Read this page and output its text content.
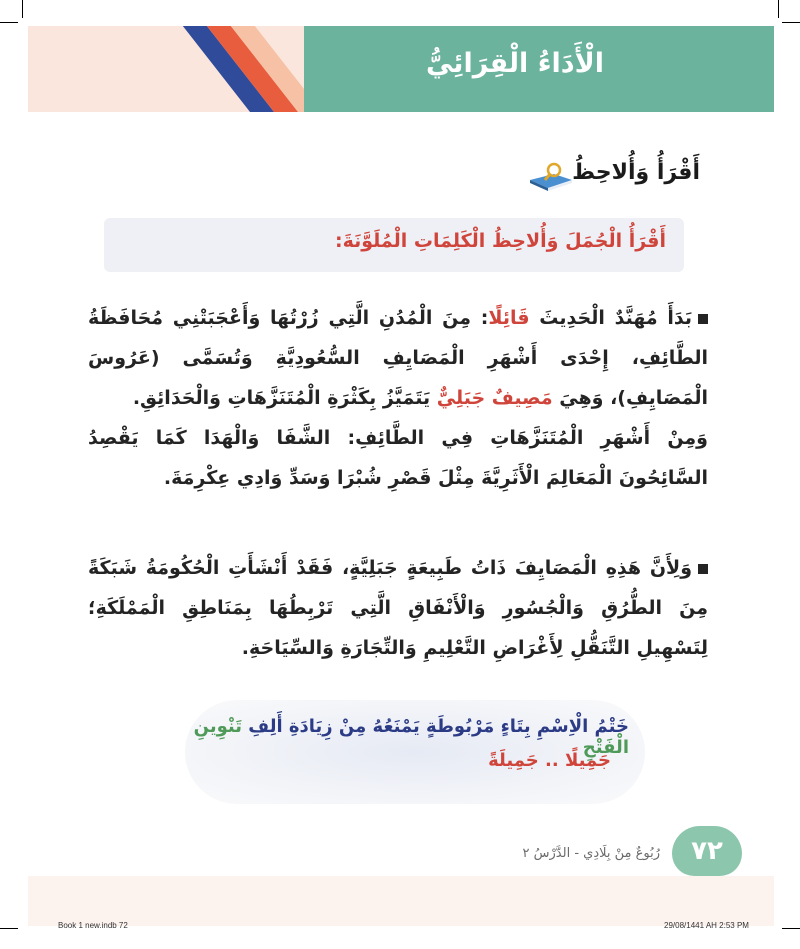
الْأَدَاءُ الْقِرَائِيُّ
أَقْرَأُ وَأُلاحِظُ
أَقْرَأُ الْجُمَلَ وَأُلاحِظُ الْكَلِمَاتِ الْمُلَوَّنَةَ:
بَدَأَ مُهَنَّدٌ الْحَدِيثَ قَائِلًا: مِنَ الْمُدُنِ الَّتِي زُرْتُهَا وَأَعْجَبَتْنِي مُحَافَظَةُ الطَّائِفِ، إِحْدَى أَشْهَرِ الْمَصَايِفِ السُّعُودِيَّةِ وَتُسَمَّى (عَرُوسَ الْمَصَايِفِ)، وَهِيَ مَصِيفٌ جَبَلِيٌّ يَتَمَيَّزُ بِكَثْرَةِ الْمُتَنَزَّهَاتِ وَالْحَدَائِقِ.
وَمِنْ أَشْهَرِ الْمُتَنَزَّهَاتِ فِي الطَّائِفِ: الشَّفَا وَالْهَدَا كَمَا يَقْصِدُ السَّائِحُونَ الْمَعَالِمَ الْأَثَرِيَّةَ مِثْلَ قَصْرِ شُبْرَا وَسَدِّ وَادِي عِكْرِمَةَ.
وَلِأَنَّ هَذِهِ الْمَصَايِفَ ذَاتُ طَبِيعَةٍ جَبَلِيَّةٍ، فَقَدْ أَنْشَأَتِ الْحُكُومَةُ شَبَكَةً مِنَ الطُّرُقِ وَالْجُسُورِ وَالْأَنْفَاقِ الَّتِي تَرْبِطُهَا بِمَنَاطِقِ الْمَمْلَكَةِ؛ لِتَسْهِيلِ التَّنَقُّلِ لِأَغْرَاضِ التَّعْلِيمِ وَالتِّجَارَةِ وَالسِّيَاحَةِ.
خَتْمُ الْاِسْمِ بِتَاءٍ مَرْبُوطَةٍ يَمْنَعُهُ مِنْ زِيَادَةِ أَلِفِ تَنْوِينِ الْفَتْحِ
جَمِيلًا .. جَمِيلَةً
٧٢
رُبُوعٌ مِنْ بِلَادِي - الدَّرْسُ ٢
Book 1 new.indb 72	29/08/1441 AH 2:53 PM
